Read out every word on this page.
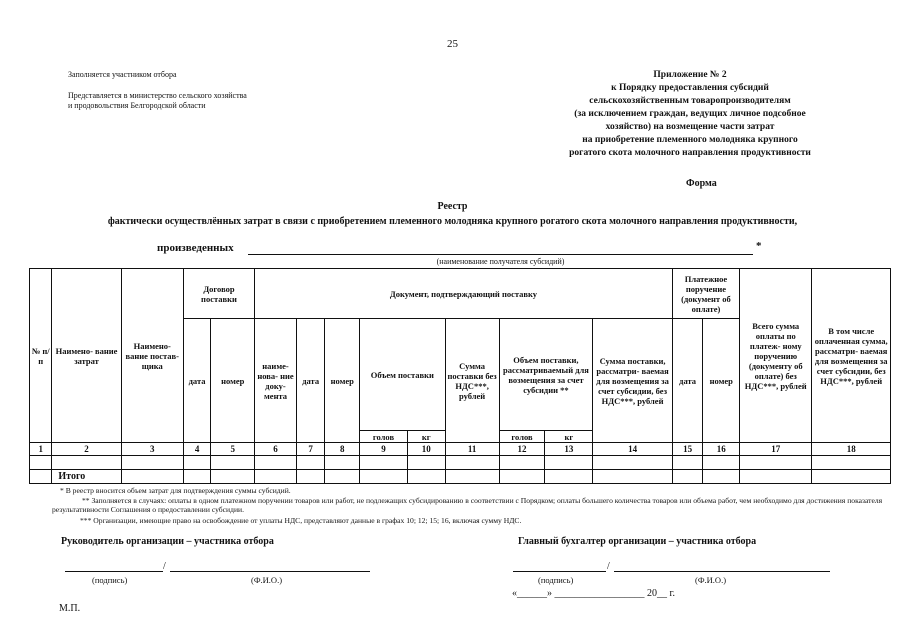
25
Заполняется участником отбора
Представляется в министерство сельского хозяйства
и продовольствия Белгородской области
Приложение № 2
к Порядку предоставления субсидий
сельскохозяйственным товаропроизводителям
(за исключением граждан, ведущих личное подсобное
хозяйство) на возмещение части затрат
на приобретение племенного молодняка крупного
рогатого скота молочного направления продуктивности
Форма
Реестр
фактически осуществлённых затрат в связи с приобретением племенного молодняка крупного рогатого скота молочного направления продуктивности,
произведенных	*
(наименование получателя субсидий)
№ п/п	Наимено- вание затрат	Наимено- вание постав- щика	Договор поставки		Документ, подтверждающий поставку									Платежное поручение (документ об оплате)		Всего сумма оплаты по платеж- ному поручению (документу об оплате) без НДС***, рублей	В том числе оплаченная сумма, рассматри- ваемая для возмещения за счет субсидии, без НДС***, рублей
			дата	номер	наиме- нова- ние доку- мента	дата	номер	Объем поставки		Сумма поставки без НДС***, рублей	Объем поставки, рассматриваемый для возмещения за счет субсидии **		Сумма поставки, рассматри- ваемая для возмещения за счет субсидии, без НДС***, рублей	дата	номер		
								голов	кг		голов	кг					
1	2	3	4	5	6	7	8	9	10	11	12	13	14	15	16	17	18

	Итого																
* В реестр вносится объем затрат для подтверждения суммы субсидий.
** Заполняется в случаях: оплаты в одном платежном поручении товаров или работ, не подлежащих субсидированию в соответствии с Порядком; оплаты большего количества товаров или объема работ, чем необходимо для достижения показателя результативности Соглашения о предоставлении субсидии.
*** Организации, имеющие право на освобождение от уплаты НДС, представляют данные в графах 10; 12; 15; 16, включая сумму НДС.
Руководитель организации – участника отбора	Главный бухгалтер организации – участника отбора
/
(подпись)	(Ф.И.О.)
/
(подпись)	(Ф.И.О.)
«______» __________________ 20__ г.
М.П.
